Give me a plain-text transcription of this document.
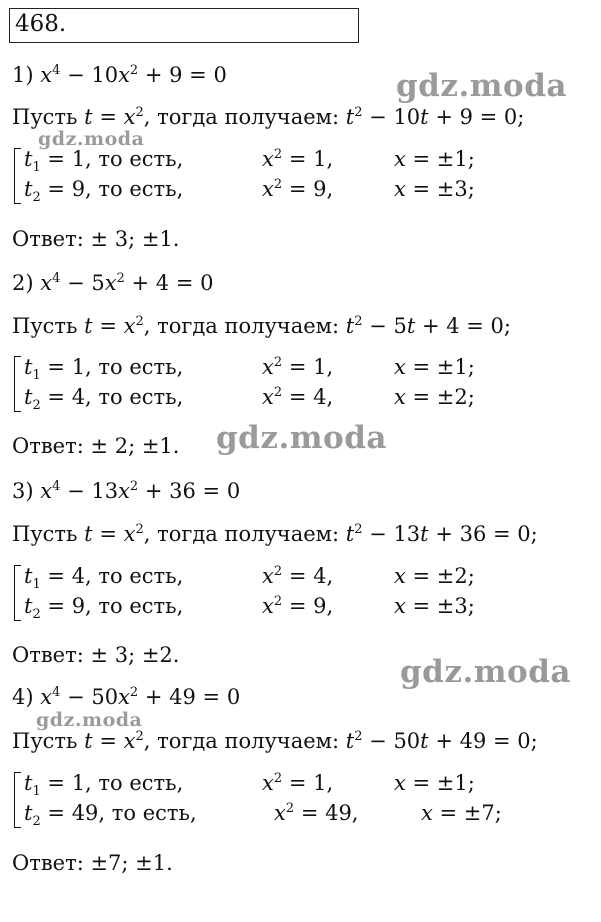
468.
1) $x^4 - 10x^2 + 9 = 0$
Пусть $t = x^2$, тогда получаем: $t^2 - 10t + 9 = 0$;
$t_1 = 1$, то есть,	$x^2 = 1$,	x = ±1;
$t_2 = 9$, то есть,	$x^2 = 9$,	x = ±3;
Ответ: ± 3; ±1.
2) $x^4 - 5x^2 + 4 = 0$
Пусть $t = x^2$, тогда получаем: $t^2 - 5t + 4 = 0$;
$t_1 = 1$, то есть,	$x^2 = 1$,	x = ±1;
$t_2 = 4$, то есть,	$x^2 = 4$,	x = ±2;
Ответ: ± 2; ±1.
3) $x^4 - 13x^2 + 36 = 0$
Пусть $t = x^2$, тогда получаем: $t^2 - 13t + 36 = 0$;
$t_1 = 4$, то есть,	$x^2 = 4$,	x = ±2;
$t_2 = 9$, то есть,	$x^2 = 9$,	x = ±3;
Ответ: ± 3; ±2.
4) $x^4 - 50x^2 + 49 = 0$
Пусть $t = x^2$, тогда получаем: $t^2 - 50t + 49 = 0$;
$t_1 = 1$, то есть,	$x^2 = 1$,	x = ±1;
$t_2 = 49$, то есть,	$x^2 = 49$,	x = ±7;
Ответ: ±7; ±1.
gdz.moda
gdz.moda
gdz.moda
gdz.moda
gdz.moda
